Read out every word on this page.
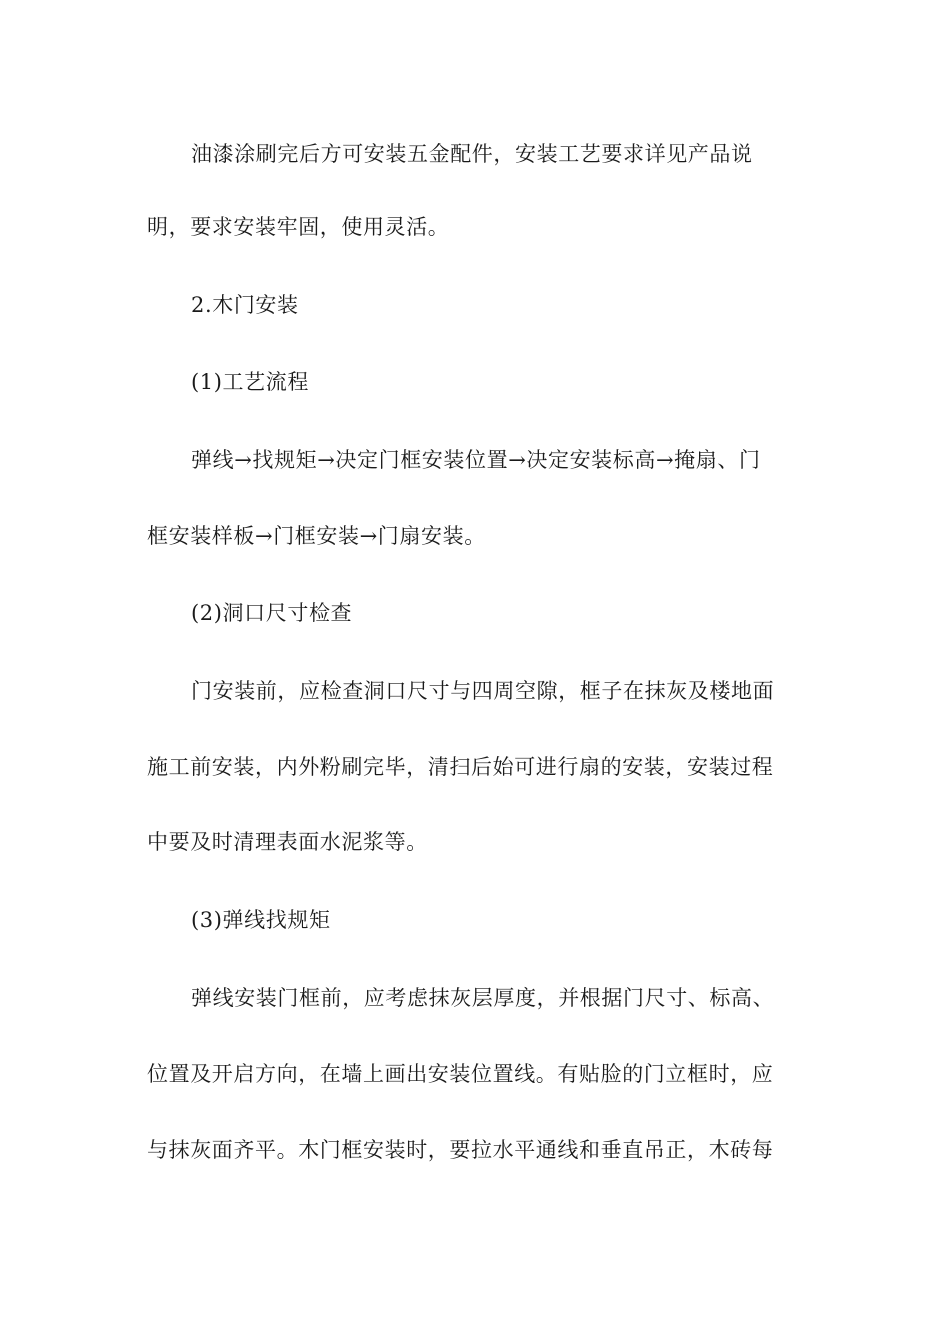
油漆涂刷完后方可安装五金配件，安装工艺要求详见产品说
明，要求安装牢固，使用灵活。
2.木门安装
(1)工艺流程
弹线→找规矩→决定门框安装位置→决定安装标高→掩扇、门
框安装样板→门框安装→门扇安装。
(2)洞口尺寸检查
门安装前，应检查洞口尺寸与四周空隙，框子在抹灰及楼地面
施工前安装，内外粉刷完毕，清扫后始可进行扇的安装，安装过程
中要及时清理表面水泥浆等。
(3)弹线找规矩
弹线安装门框前，应考虑抹灰层厚度，并根据门尺寸、标高、
位置及开启方向，在墙上画出安装位置线。有贴脸的门立框时，应
与抹灰面齐平。木门框安装时，要拉水平通线和垂直吊正，木砖每
